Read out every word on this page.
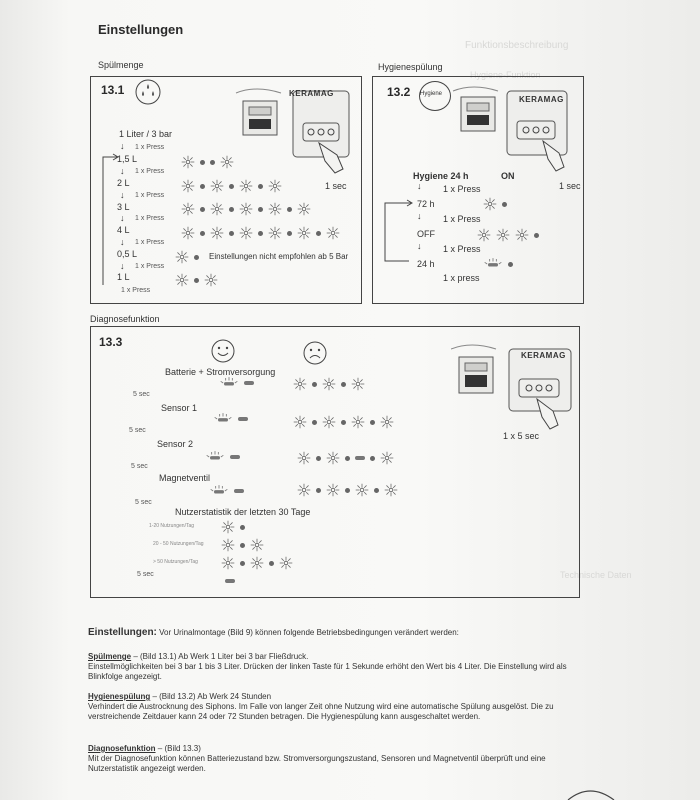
Funktionsbeschreibung
Hygiene-Funktion
Technische Daten
Einstellungen
Spülmenge	Hygienespülung
13.1	KERAMAG
1 sec
1 Liter / 3 bar
↓ 1 x Press
1,5 L
↓ 1 x Press
2 L
↓ 1 x Press
3 L
↓ 1 x Press
4 L
↓ 1 x Press
0,5 L	Einstellungen nicht empfohlen ab 5 Bar
↓ 1 x Press
1 L
1 x Press
13.2 Hygiene
KERAMAG
1 sec
Hygiene 24 h	ON
↓ 1 x Press
72 h
↓ 1 x Press
OFF
↓ 1 x Press
24 h
1 x press
Diagnosefunktion
13.3
KERAMAG
1 x 5 sec
Batterie + Stromversorgung
5 sec
Sensor 1
5 sec
Sensor 2
5 sec
Magnetventil
5 sec
Nutzerstatistik der letzten 30 Tage
1-20 Nutzungen/Tag
20 - 50 Nutzungen/Tag
> 50 Nutzungen/Tag
5 sec
Einstellungen: Vor Urinalmontage (Bild 9) können folgende Betriebsbedingungen verändert werden:
Spülmenge – (Bild 13.1) Ab Werk 1 Liter bei 3 bar Fließdruck.
Einstellmöglichkeiten bei 3 bar 1 bis 3 Liter. Drücken der linken Taste für 1 Sekunde erhöht den Wert bis 4 Liter. Die Einstellung wird als Blinkfolge angezeigt.
Hygienespülung – (Bild 13.2) Ab Werk 24 Stunden
Verhindert die Austrocknung des Siphons. Im Falle von langer Zeit ohne Nutzung wird eine automatische Spülung ausgelöst. Die zu verstreichende Zeitdauer kann 24 oder 72 Stunden betragen. Die Hygienespülung kann ausgeschaltet werden.
Diagnosefunktion – (Bild 13.3)
Mit der Diagnosefunktion können Batteriezustand bzw. Stromversorgungszustand, Sensoren und Magnetventil überprüft und eine Nutzerstatistik angezeigt werden.
